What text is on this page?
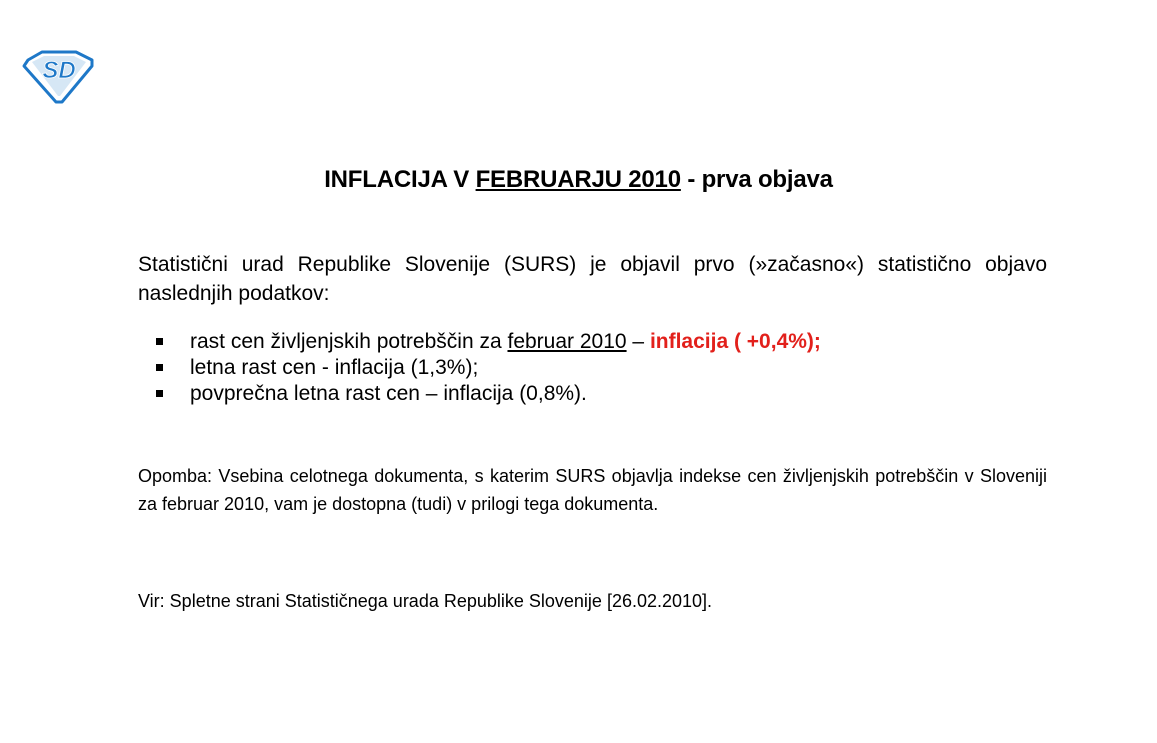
SD
INFLACIJA V FEBRUARJU 2010 - prva objava
Statistični urad Republike Slovenije (SURS) je objavil prvo (»začasno«) statistično objavo naslednjih podatkov:
rast cen življenjskih potrebščin za februar 2010 – inflacija ( +0,4%);
letna rast cen - inflacija (1,3%);
povprečna letna rast cen – inflacija (0,8%).
Opomba: Vsebina celotnega dokumenta, s katerim SURS objavlja indekse cen življenjskih potrebščin v Sloveniji za februar 2010, vam je dostopna (tudi) v prilogi tega dokumenta.
Vir: Spletne strani Statističnega urada Republike Slovenije [26.02.2010].
